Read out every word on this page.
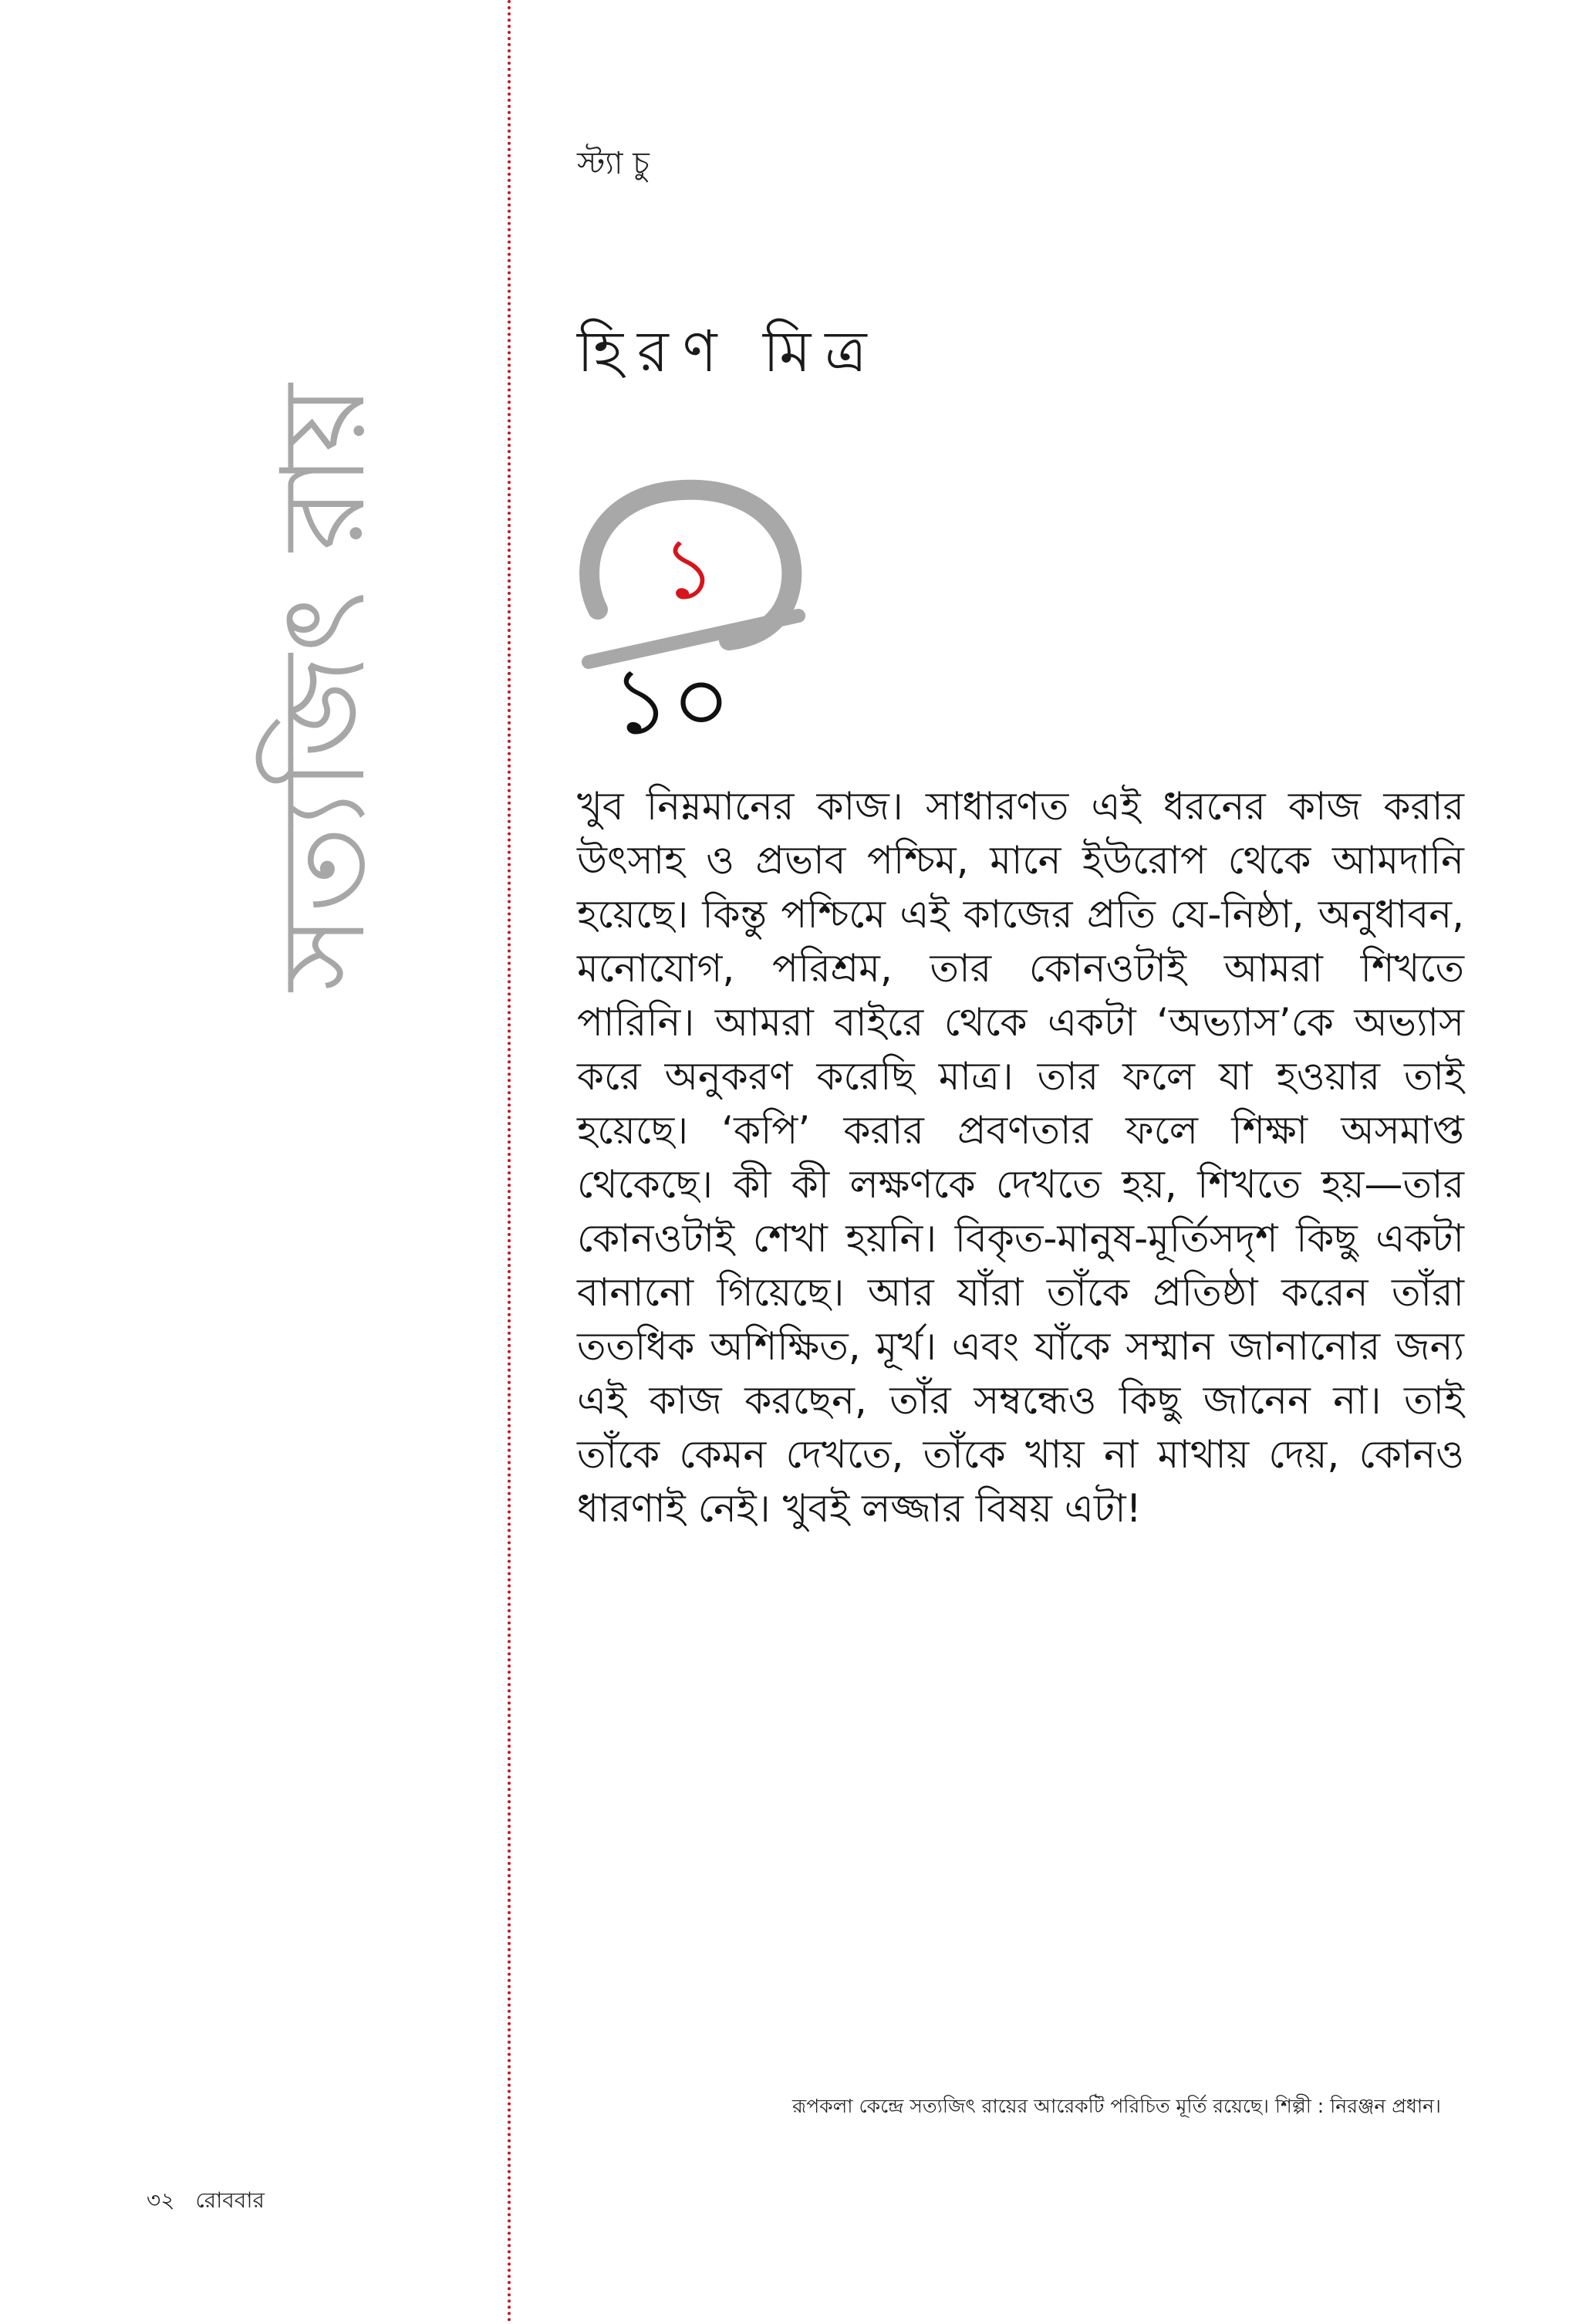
সত্যজিৎ রায়
স্ট্যা চু
হিরণ মিত্র
১
১০

খুব নিম্নমানের কাজ। সাধারণত এই ধরনের কাজ করার উৎসাহ ও প্রভাব পশ্চিম, মানে ইউরোপ থেকে আমদানি হয়েছে। কিন্তু পশ্চিমে এই কাজের প্রতি যে-নিষ্ঠা, অনুধাবন, মনোযোগ, পরিশ্রম, তার কোনওটাই আমরা শিখতে পারিনি। আমরা বাইরে থেকে একটা ‘অভ্যাস’কে অভ্যাস করে অনুকরণ করেছি মাত্র। তার ফলে যা হওয়ার তাই হয়েছে। ‘কপি’ করার প্রবণতার ফলে শিক্ষা অসমাপ্ত থেকেছে। কী কী লক্ষণকে দেখতে হয়, শিখতে হয়—তার কোনওটাই শেখা হয়নি। বিকৃত-মানুষ-মূর্তিসদৃশ কিছু একটা বানানো গিয়েছে। আর যাঁরা তাঁকে প্রতিষ্ঠা করেন তাঁরা ততধিক অশিক্ষিত, মূর্খ। এবং যাঁকে সম্মান জানানোর জন্য এই কাজ করছেন, তাঁর সম্বন্ধেও কিছু জানেন না। তাই তাঁকে কেমন দেখতে, তাঁকে খায় না মাথায় দেয়, কোনও ধারণাই নেই। খুবই লজ্জার বিষয় এটা!

রূপকলা কেন্দ্রে সত্যজিৎ রায়ের আরেকটি পরিচিত মূর্তি রয়েছে। শিল্পী : নিরঞ্জন প্রধান।
৩২ রোববার
